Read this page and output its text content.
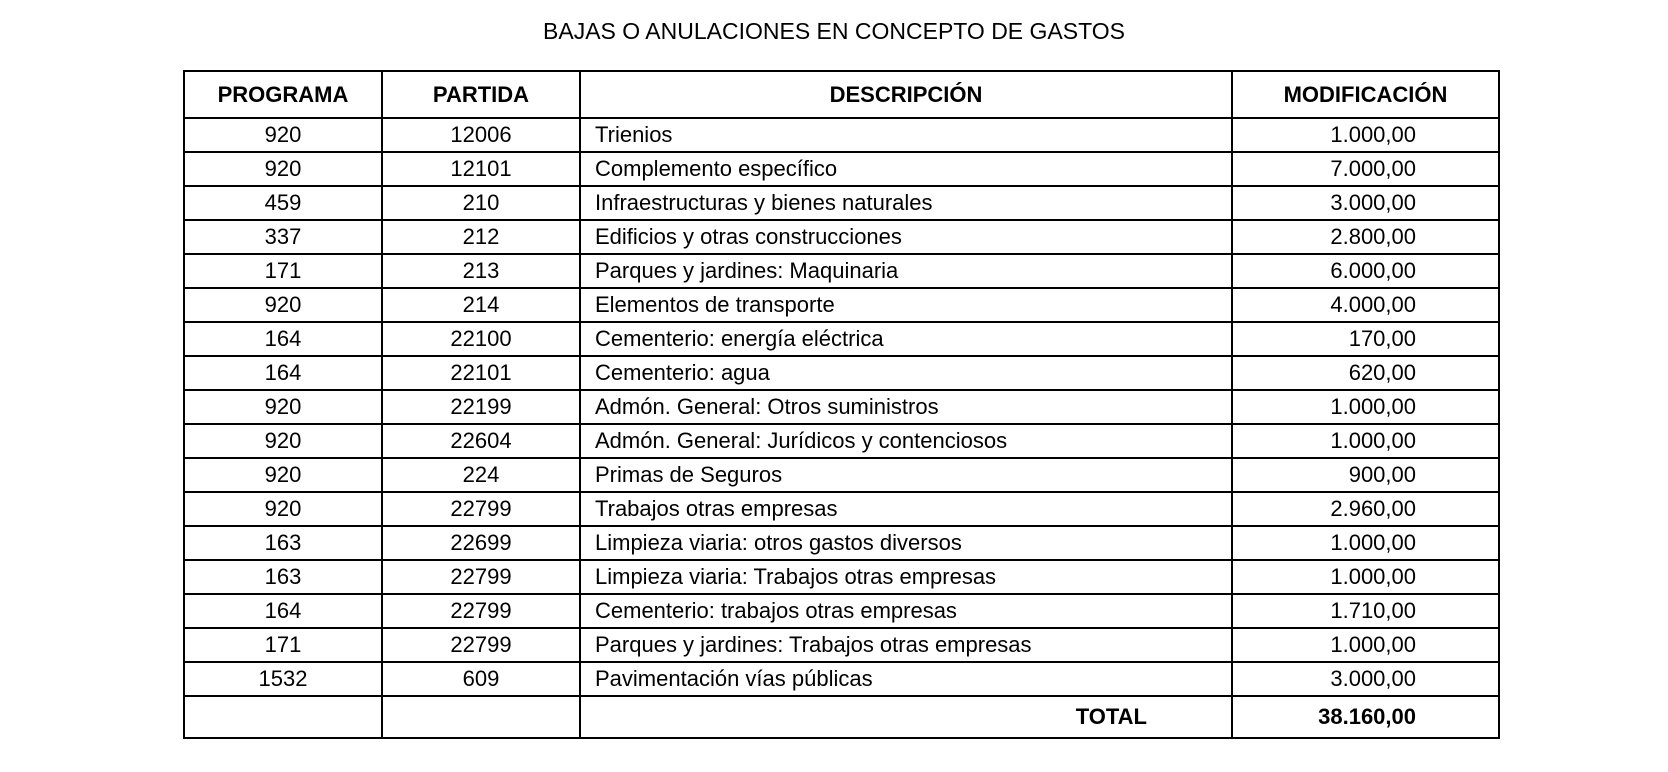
BAJAS O ANULACIONES EN CONCEPTO DE GASTOS
PROGRAMA	PARTIDA	DESCRIPCIÓN	MODIFICACIÓN
920	12006	Trienios	1.000,00
920	12101	Complemento específico	7.000,00
459	210	Infraestructuras y bienes naturales	3.000,00
337	212	Edificios y otras construcciones	2.800,00
171	213	Parques y jardines: Maquinaria	6.000,00
920	214	Elementos de transporte	4.000,00
164	22100	Cementerio: energía eléctrica	170,00
164	22101	Cementerio: agua	620,00
920	22199	Admón. General: Otros suministros	1.000,00
920	22604	Admón. General: Jurídicos y contenciosos	1.000,00
920	224	Primas de Seguros	900,00
920	22799	Trabajos otras empresas	2.960,00
163	22699	Limpieza viaria: otros gastos diversos	1.000,00
163	22799	Limpieza viaria: Trabajos otras empresas	1.000,00
164	22799	Cementerio: trabajos otras empresas	1.710,00
171	22799	Parques y jardines: Trabajos otras empresas	1.000,00
1532	609	Pavimentación vías públicas	3.000,00
		TOTAL	38.160,00
